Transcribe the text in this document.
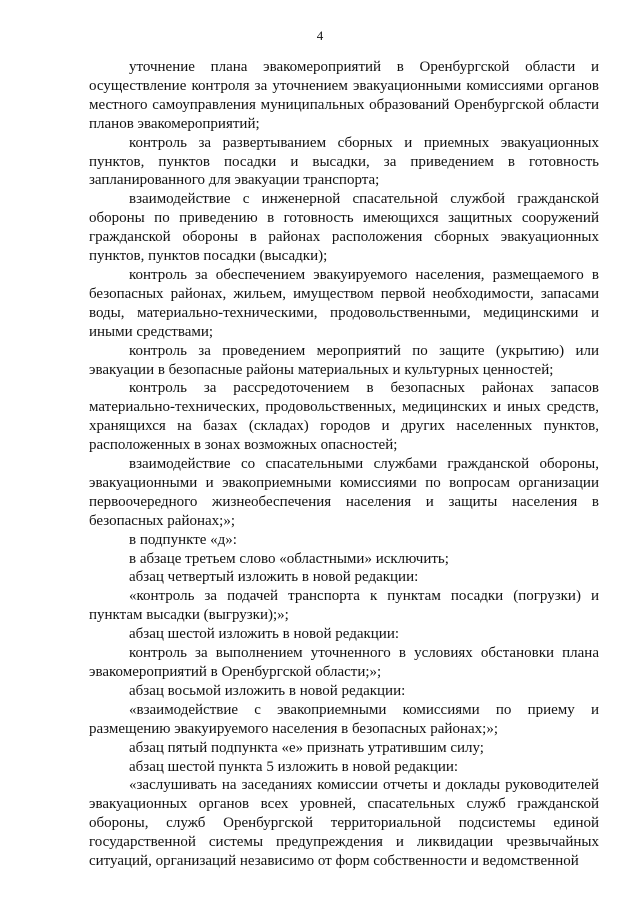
4

уточнение плана эвакомероприятий в Оренбургской области и осуществление контроля за уточнением эвакуационными комиссиями органов местного самоуправления муниципальных образований Оренбургской области планов эвакомероприятий;

контроль за развертыванием сборных и приемных эвакуационных пунктов, пунктов посадки и высадки, за приведением в готовность запланированного для эвакуации транспорта;

взаимодействие с инженерной спасательной службой гражданской обороны по приведению в готовность имеющихся защитных сооружений гражданской обороны в районах расположения сборных эвакуационных пунктов, пунктов посадки (высадки);

контроль за обеспечением эвакуируемого населения, размещаемого в безопасных районах, жильем, имуществом первой необходимости, запасами воды, материально-техническими, продовольственными, медицинскими и иными средствами;

контроль за проведением мероприятий по защите (укрытию) или эвакуации в безопасные районы материальных и культурных ценностей;

контроль за рассредоточением в безопасных районах запасов материально-технических, продовольственных, медицинских и иных средств, хранящихся на базах (складах) городов и других населенных пунктов, расположенных в зонах возможных опасностей;

взаимодействие со спасательными службами гражданской обороны, эвакуационными и эвакоприемными комиссиями по вопросам организации первоочередного жизнеобеспечения населения и защиты населения в безопасных районах;»;

в подпункте «д»:

в абзаце третьем слово «областными» исключить;

абзац четвертый изложить в новой редакции:

«контроль за подачей транспорта к пунктам посадки (погрузки) и пунктам высадки (выгрузки);»;

абзац шестой изложить в новой редакции:

контроль за выполнением уточненного в условиях обстановки плана эвакомероприятий в Оренбургской области;»;

абзац восьмой изложить в новой редакции:

«взаимодействие с эвакоприемными комиссиями по приему и размещению эвакуируемого населения в безопасных районах;»;

абзац пятый подпункта «е» признать утратившим силу;

абзац шестой пункта 5 изложить в новой редакции:

«заслушивать на заседаниях комиссии отчеты и доклады руководителей эвакуационных органов всех уровней, спасательных служб гражданской обороны, служб Оренбургской территориальной подсистемы единой государственной системы предупреждения и ликвидации чрезвычайных ситуаций, организаций независимо от форм собственности и ведомственной
